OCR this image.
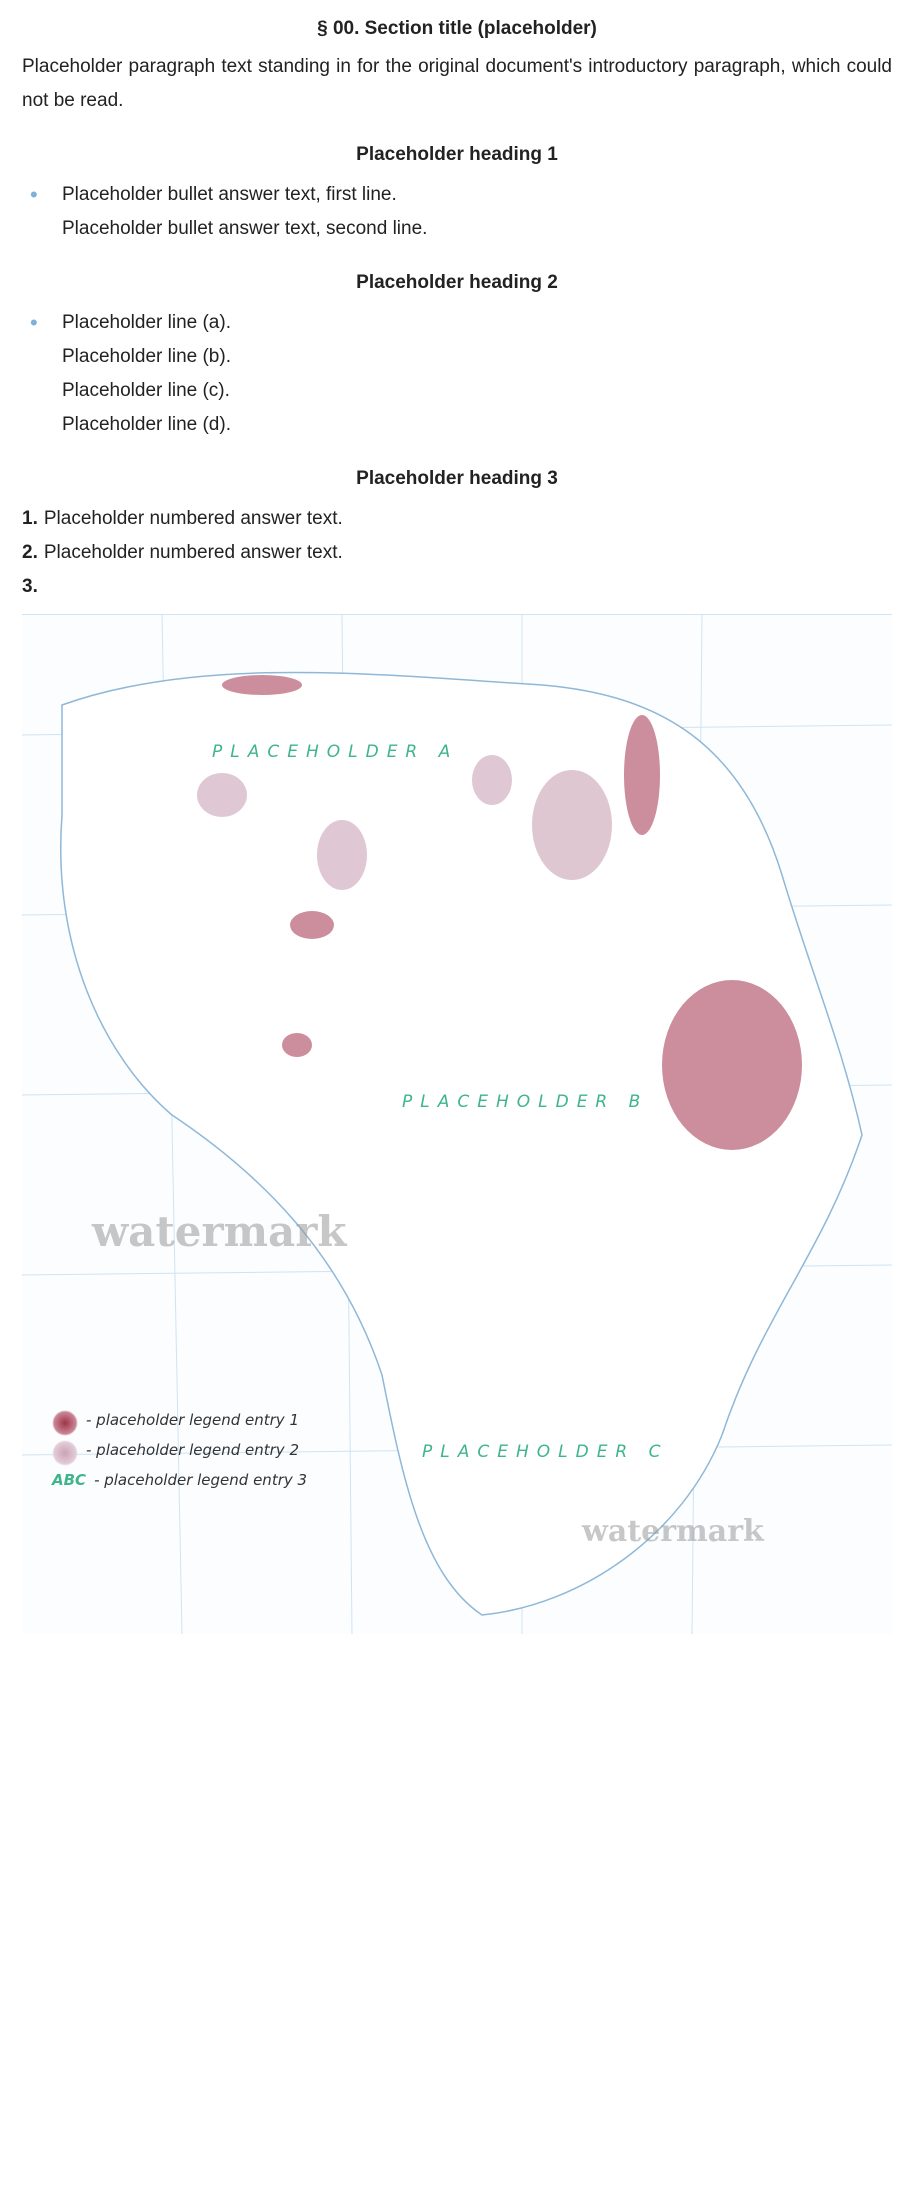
§ 00. Section title (placeholder)

Placeholder paragraph text standing in for the original document's introductory paragraph, which could not be read.

Placeholder heading 1
• Placeholder bullet answer text, first line.
Placeholder bullet answer text, second line.
Placeholder heading 2
• Placeholder line (a).
Placeholder line (b).
Placeholder line (c).
Placeholder line (d).
Placeholder heading 3
1. Placeholder numbered answer text.
2. Placeholder numbered answer text.
3.
PLACEHOLDER A
PLACEHOLDER B
PLACEHOLDER C
- placeholder legend entry 1
- placeholder legend entry 2
ABC - placeholder legend entry 3
watermark
watermark
